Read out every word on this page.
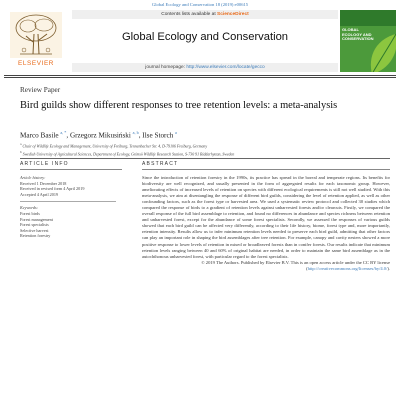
Global Ecology and Conservation 18 (2019) e00615
ELSEVIER
Contents lists available at ScienceDirect
Global Ecology and Conservation
journal homepage: http://www.elsevier.com/locate/gecco
GLOBAL ECOLOGY AND CONSERVATION
Review Paper
Bird guilds show different responses to tree retention levels: a meta-analysis
Marco Basile $^{a, *}$, Grzegorz Mikusiński $^{a, b}$, Ilse Storch $^a$
$^a$ Chair of Wildlife Ecology and Management, University of Freiburg, Tennenbacher Str. 4, D-79106 Freiburg, Germany
$^b$ Swedish University of Agricultural Sciences, Department of Ecology, Grimsö Wildlife Research Station, S-730 91 Riddarhyttan, Sweden
ARTICLE INFO
Article history:
Received 1 December 2018
Received in revised form 4 April 2019
Accepted 4 April 2019
Keywords:
Forest birds
Forest management
Forest specialists
Selective harvest
Retention forestry
ABSTRACT
Since the introduction of retention forestry in the 1990s, its practice has spread in the boreal and temperate regions. Its benefits for biodiversity are well recognized, and usually presented in the form of aggregated results for each taxonomic group. However, ameliorating effects of increased levels of retention on species with different ecological requirements is still not well studied. With this meta-analysis, we aim at disentangling the response of different bird guilds, considering the level of retention applied, as well as other confounding factors, such as the forest type or harvested area. We used a systematic review protocol and collected 30 studies which compared the response of birds to a gradient of retention levels against unharvested forests and/or clearcuts. Firstly, we compared the overall response of the full bird assemblage to retention, and found no differences in abundance and species richness between retention and unharvested forest, except for the abundance of some forest specialists. Secondly, we assessed the responses of various guilds showed that each bird guild can be affected very differently, according to their life history, biome, forest type and, more importantly, retention intensity. Results allow us to infer minimum retention levels needed to preserve each bird guild, admitting that other factors can play an important role in shaping the bird assemblages after tree retention. For example, canopy and cavity nesters showed a more positive response to lower levels of retention in mixed or broadleaved forests than in conifer forests. Our results indicate that minimum retention levels ranging between 40 and 60% of original habitat are needed, in order to maintain the same bird assemblage as in the autochthonous unharvested forest, with particular regard to the forest specialists.
© 2019 The Authors. Published by Elsevier B.V. This is an open access article under the CC BY license (http://creativecommons.org/licenses/by/4.0/).
